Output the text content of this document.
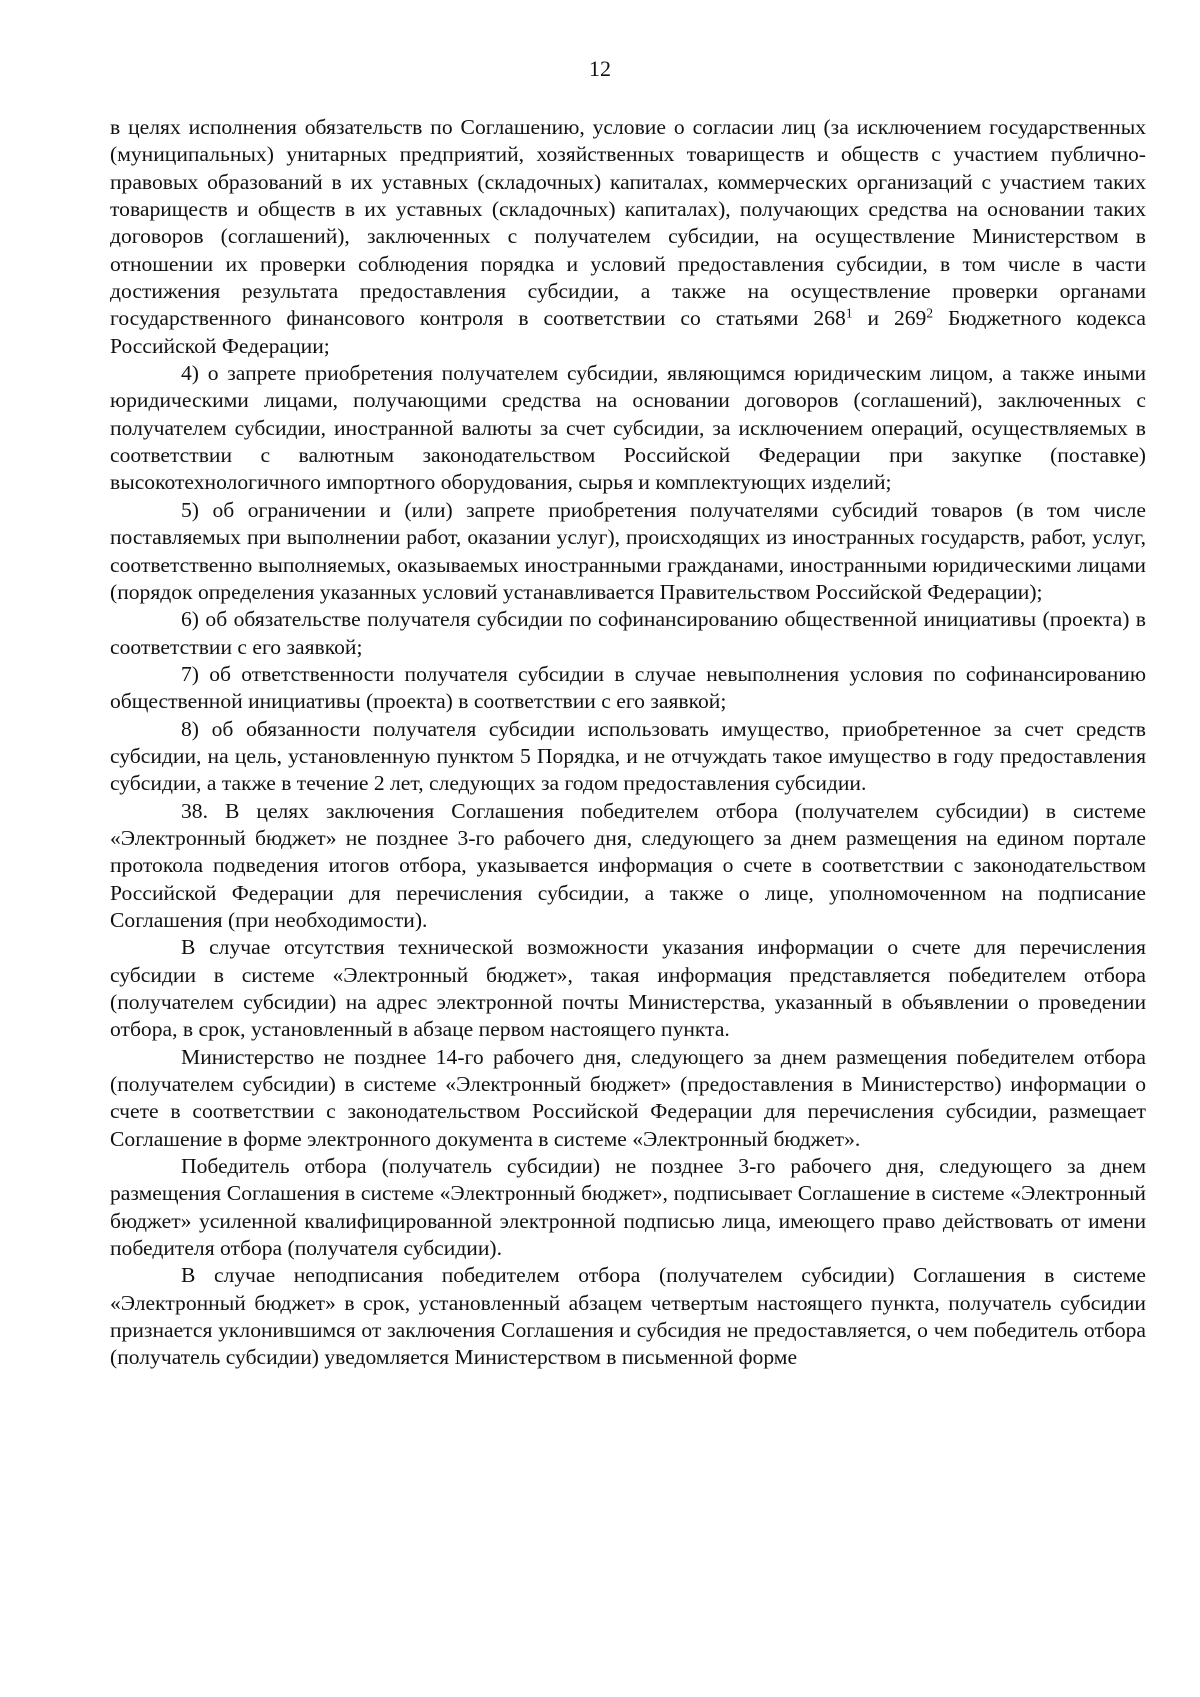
12

в целях исполнения обязательств по Соглашению, условие о согласии лиц (за исключением государственных (муниципальных) унитарных предприятий, хозяйственных товариществ и обществ с участием публично-правовых образований в их уставных (складочных) капиталах, коммерческих организаций с участием таких товариществ и обществ в их уставных (складочных) капиталах), получающих средства на основании таких договоров (соглашений), заключенных с получателем субсидии, на осуществление Министерством в отношении их проверки соблюдения порядка и условий предоставления субсидии, в том числе в части достижения результата предоставления субсидии, а также на осуществление проверки органами государственного финансового контроля в соответствии со статьями $268^1$ и $269^2$ Бюджетного кодекса Российской Федерации;

4) о запрете приобретения получателем субсидии, являющимся юридическим лицом, а также иными юридическими лицами, получающими средства на основании договоров (соглашений), заключенных с получателем субсидии, иностранной валюты за счет субсидии, за исключением операций, осуществляемых в соответствии с валютным законодательством Российской Федерации при закупке (поставке) высокотехнологичного импортного оборудования, сырья и комплектующих изделий;

5) об ограничении и (или) запрете приобретения получателями субсидий товаров (в том числе поставляемых при выполнении работ, оказании услуг), происходящих из иностранных государств, работ, услуг, соответственно выполняемых, оказываемых иностранными гражданами, иностранными юридическими лицами (порядок определения указанных условий устанавливается Правительством Российской Федерации);

6) об обязательстве получателя субсидии по софинансированию общественной инициативы (проекта) в соответствии с его заявкой;

7) об ответственности получателя субсидии в случае невыполнения условия по софинансированию общественной инициативы (проекта) в соответствии с его заявкой;

8) об обязанности получателя субсидии использовать имущество, приобретенное за счет средств субсидии, на цель, установленную пунктом 5 Порядка, и не отчуждать такое имущество в году предоставления субсидии, а также в течение 2 лет, следующих за годом предоставления субсидии.

38. В целях заключения Соглашения победителем отбора (получателем субсидии) в системе «Электронный бюджет» не позднее 3-го рабочего дня, следующего за днем размещения на едином портале протокола подведения итогов отбора, указывается информация о счете в соответствии с законодательством Российской Федерации для перечисления субсидии, а также о лице, уполномоченном на подписание Соглашения (при необходимости).

В случае отсутствия технической возможности указания информации о счете для перечисления субсидии в системе «Электронный бюджет», такая информация представляется победителем отбора (получателем субсидии) на адрес электронной почты Министерства, указанный в объявлении о проведении отбора, в срок, установленный в абзаце первом настоящего пункта.

Министерство не позднее 14-го рабочего дня, следующего за днем размещения победителем отбора (получателем субсидии) в системе «Электронный бюджет» (предоставления в Министерство) информации о счете в соответствии с законодательством Российской Федерации для перечисления субсидии, размещает Соглашение в форме электронного документа в системе «Электронный бюджет».

Победитель отбора (получатель субсидии) не позднее 3-го рабочего дня, следующего за днем размещения Соглашения в системе «Электронный бюджет», подписывает Соглашение в системе «Электронный бюджет» усиленной квалифицированной электронной подписью лица, имеющего право действовать от имени победителя отбора (получателя субсидии).

В случае неподписания победителем отбора (получателем субсидии) Соглашения в системе «Электронный бюджет» в срок, установленный абзацем четвертым настоящего пункта, получатель субсидии признается уклонившимся от заключения Соглашения и субсидия не предоставляется, о чем победитель отбора (получатель субсидии) уведомляется Министерством в письменной форме
